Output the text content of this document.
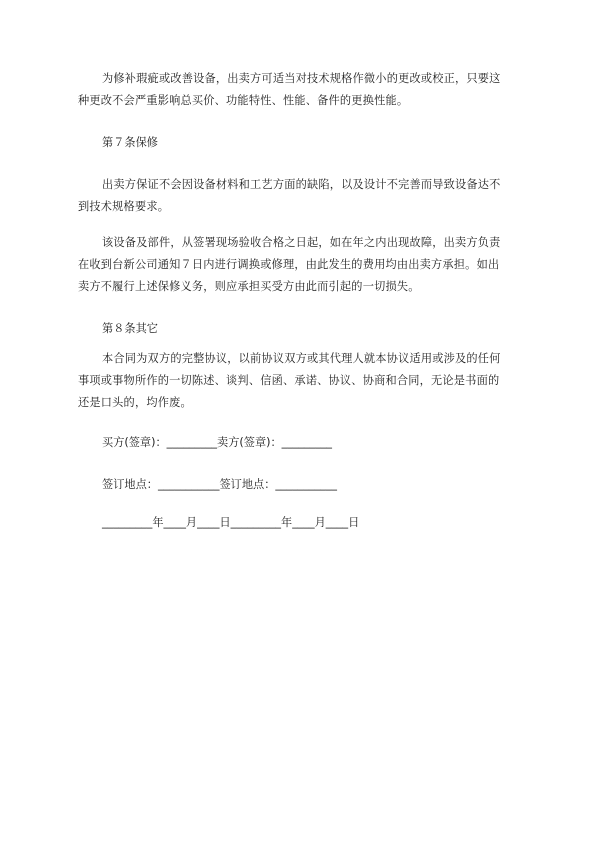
为修补瑕疵或改善设备，出卖方可适当对技术规格作微小的更改或校正，只要这
种更改不会严重影响总买价、功能特性、性能、备件的更换性能。

第７条保修

出卖方保证不会因设备材料和工艺方面的缺陷，以及设计不完善而导致设备达不
到技术规格要求。

该设备及部件，从签署现场验收合格之日起，如在年之内出现故障，出卖方负责
在收到台新公司通知７日内进行调换或修理，由此发生的费用均由出卖方承担。如出
卖方不履行上述保修义务，则应承担买受方由此而引起的一切损失。

第８条其它

本合同为双方的完整协议，以前协议双方或其代理人就本协议适用或涉及的任何
事项或事物所作的一切陈述、谈判、信函、承诺、协议、协商和合同，无论是书面的
还是口头的，均作废。

买方(签章)：_________卖方(签章)：_________

签订地点：___________签订地点：___________

_________年____月____日_________年____月____日
